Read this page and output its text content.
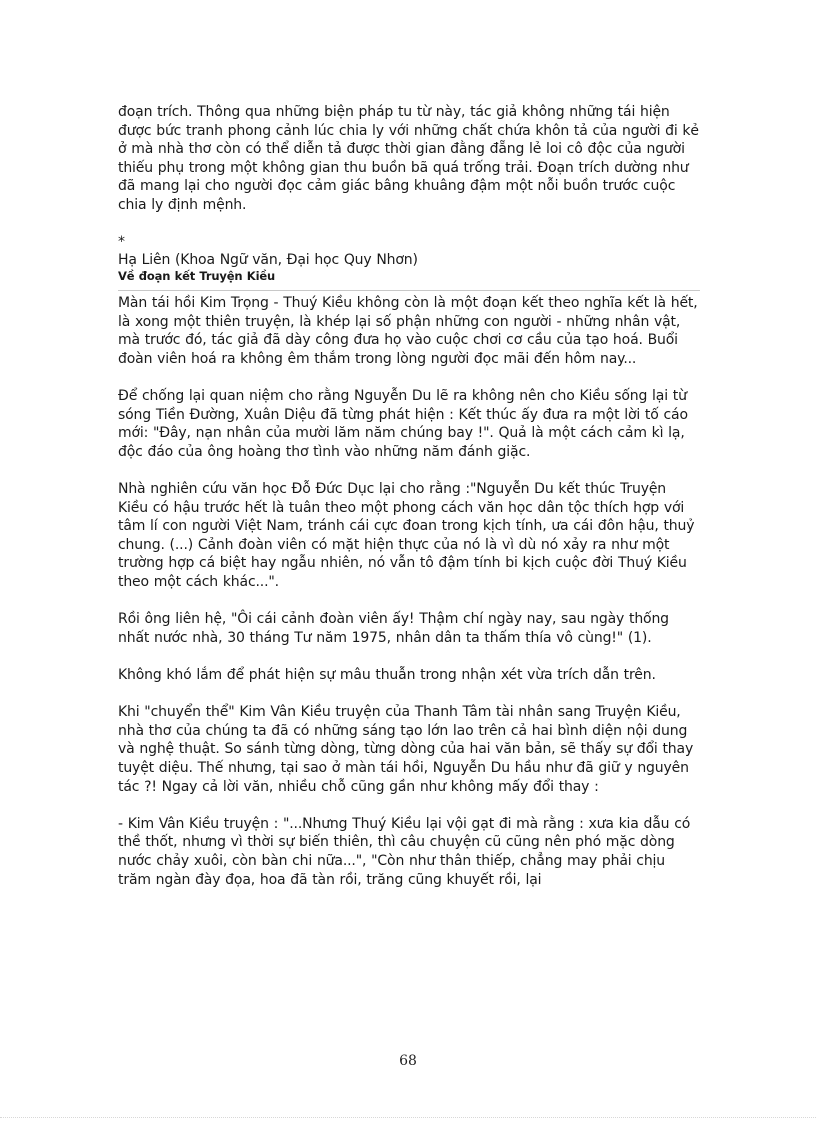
đoạn trích. Thông qua những biện pháp tu từ này, tác giả không những tái hiện được bức tranh phong cảnh lúc chia ly với những chất chứa khôn tả của người đi kẻ ở mà nhà thơ còn có thể diễn tả được thời gian đằng đẵng lẻ loi cô độc của người thiếu phụ trong một không gian thu buồn bã quá trống trải. Đoạn trích dường như đã mang lại cho người đọc cảm giác bâng khuâng đậm một nỗi buồn trước cuộc chia ly định mệnh.

*

Hạ Liên (Khoa Ngữ văn, Đại học Quy Nhơn)

Về đoạn kết Truyện Kiều

Màn tái hồi Kim Trọng - Thuý Kiều không còn là một đoạn kết theo nghĩa kết là hết, là xong một thiên truyện, là khép lại số phận những con người - những nhân vật, mà trước đó, tác giả đã dày công đưa họ vào cuộc chơi cơ cầu của tạo hoá. Buổi đoàn viên hoá ra không êm thắm trong lòng người đọc mãi đến hôm nay...

Để chống lại quan niệm cho rằng Nguyễn Du lẽ ra không nên cho Kiều sống lại từ sóng Tiền Đường, Xuân Diệu đã từng phát hiện : Kết thúc ấy đưa ra một lời tố cáo mới: "Đây, nạn nhân của mười lăm năm chúng bay !". Quả là một cách cảm kì lạ, độc đáo của ông hoàng thơ tình vào những năm đánh giặc.

Nhà nghiên cứu văn học Đỗ Đức Dục lại cho rằng :"Nguyễn Du kết thúc Truyện Kiều có hậu trước hết là tuân theo một phong cách văn học dân tộc thích hợp với tâm lí con người Việt Nam, tránh cái cực đoan trong kịch tính, ưa cái đôn hậu, thuỷ chung. (...) Cảnh đoàn viên có mặt hiện thực của nó là vì dù nó xảy ra như một trường hợp cá biệt hay ngẫu nhiên, nó vẫn tô đậm tính bi kịch cuộc đời Thuý Kiều theo một cách khác...".

Rồi ông liên hệ, "Ôi cái cảnh đoàn viên ấy! Thậm chí ngày nay, sau ngày thống nhất nước nhà, 30 tháng Tư năm 1975, nhân dân ta thấm thía vô cùng!" (1).

Không khó lắm để phát hiện sự mâu thuẫn trong nhận xét vừa trích dẫn trên.

Khi "chuyển thể" Kim Vân Kiều truyện của Thanh Tâm tài nhân sang Truyện Kiều, nhà thơ của chúng ta đã có những sáng tạo lớn lao trên cả hai bình diện nội dung và nghệ thuật. So sánh từng dòng, từng dòng của hai văn bản, sẽ thấy sự đổi thay tuyệt diệu. Thế nhưng, tại sao ở màn tái hồi, Nguyễn Du hầu như đã giữ y nguyên tác ?! Ngay cả lời văn, nhiều chỗ cũng gần như không mấy đổi thay :

- Kim Vân Kiều truyện : "...Nhưng Thuý Kiều lại vội gạt đi mà rằng : xưa kia dẫu có thề thốt, nhưng vì thời sự biến thiên, thì câu chuyện cũ cũng nên phó mặc dòng nước chảy xuôi, còn bàn chi nữa...", "Còn như thân thiếp, chẳng may phải chịu trăm ngàn đày đọa, hoa đã tàn rồi, trăng cũng khuyết rồi, lại

68
